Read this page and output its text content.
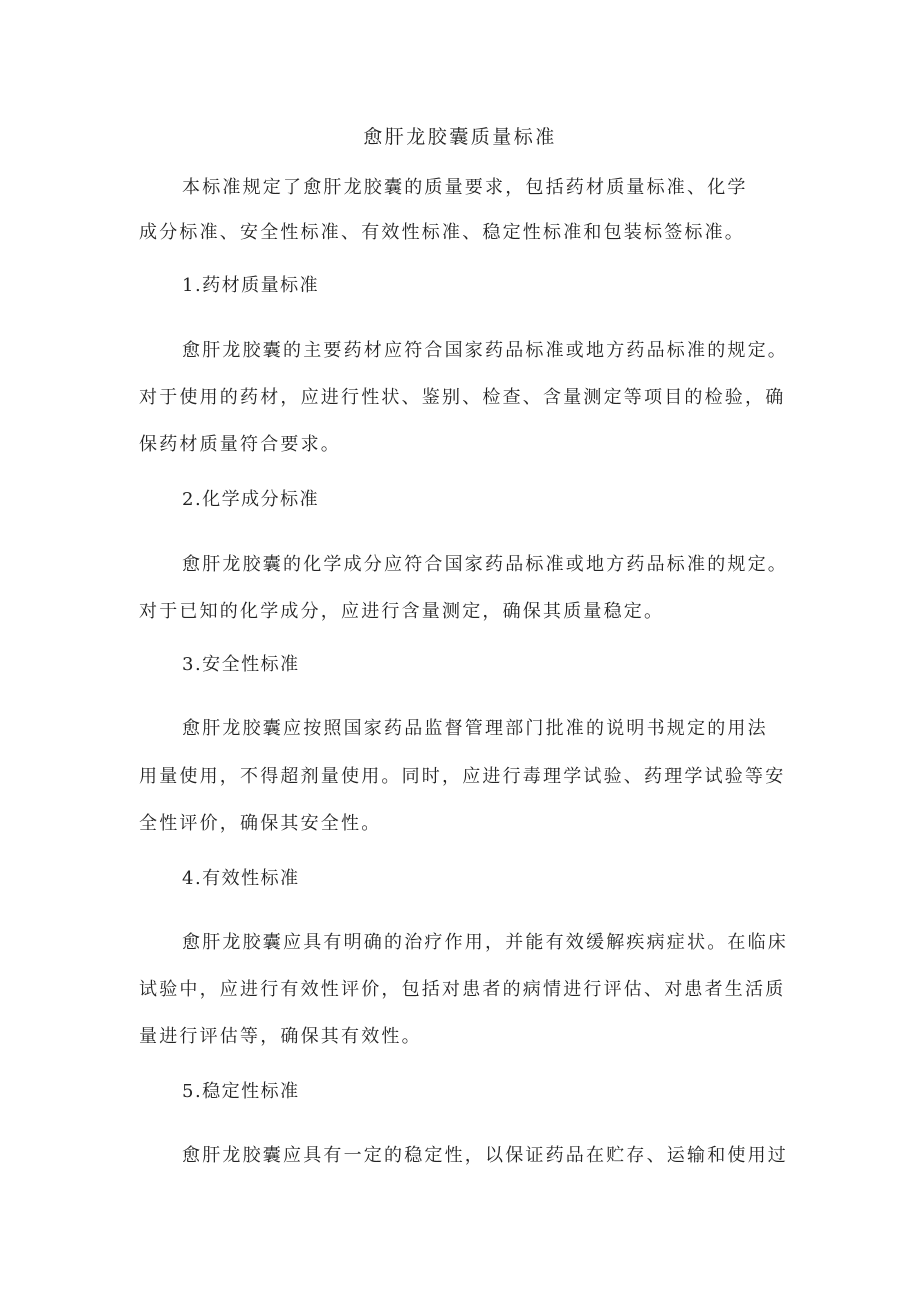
愈肝龙胶囊质量标准
本标准规定了愈肝龙胶囊的质量要求，包括药材质量标准、化学
成分标准、安全性标准、有效性标准、稳定性标准和包装标签标准。
1.药材质量标准
愈肝龙胶囊的主要药材应符合国家药品标准或地方药品标准的规定。
对于使用的药材，应进行性状、鉴别、检查、含量测定等项目的检验，确
保药材质量符合要求。
2.化学成分标准
愈肝龙胶囊的化学成分应符合国家药品标准或地方药品标准的规定。
对于已知的化学成分，应进行含量测定，确保其质量稳定。
3.安全性标准
愈肝龙胶囊应按照国家药品监督管理部门批准的说明书规定的用法
用量使用，不得超剂量使用。同时，应进行毒理学试验、药理学试验等安
全性评价，确保其安全性。
4.有效性标准
愈肝龙胶囊应具有明确的治疗作用，并能有效缓解疾病症状。在临床
试验中，应进行有效性评价，包括对患者的病情进行评估、对患者生活质
量进行评估等，确保其有效性。
5.稳定性标准
愈肝龙胶囊应具有一定的稳定性，以保证药品在贮存、运输和使用过
